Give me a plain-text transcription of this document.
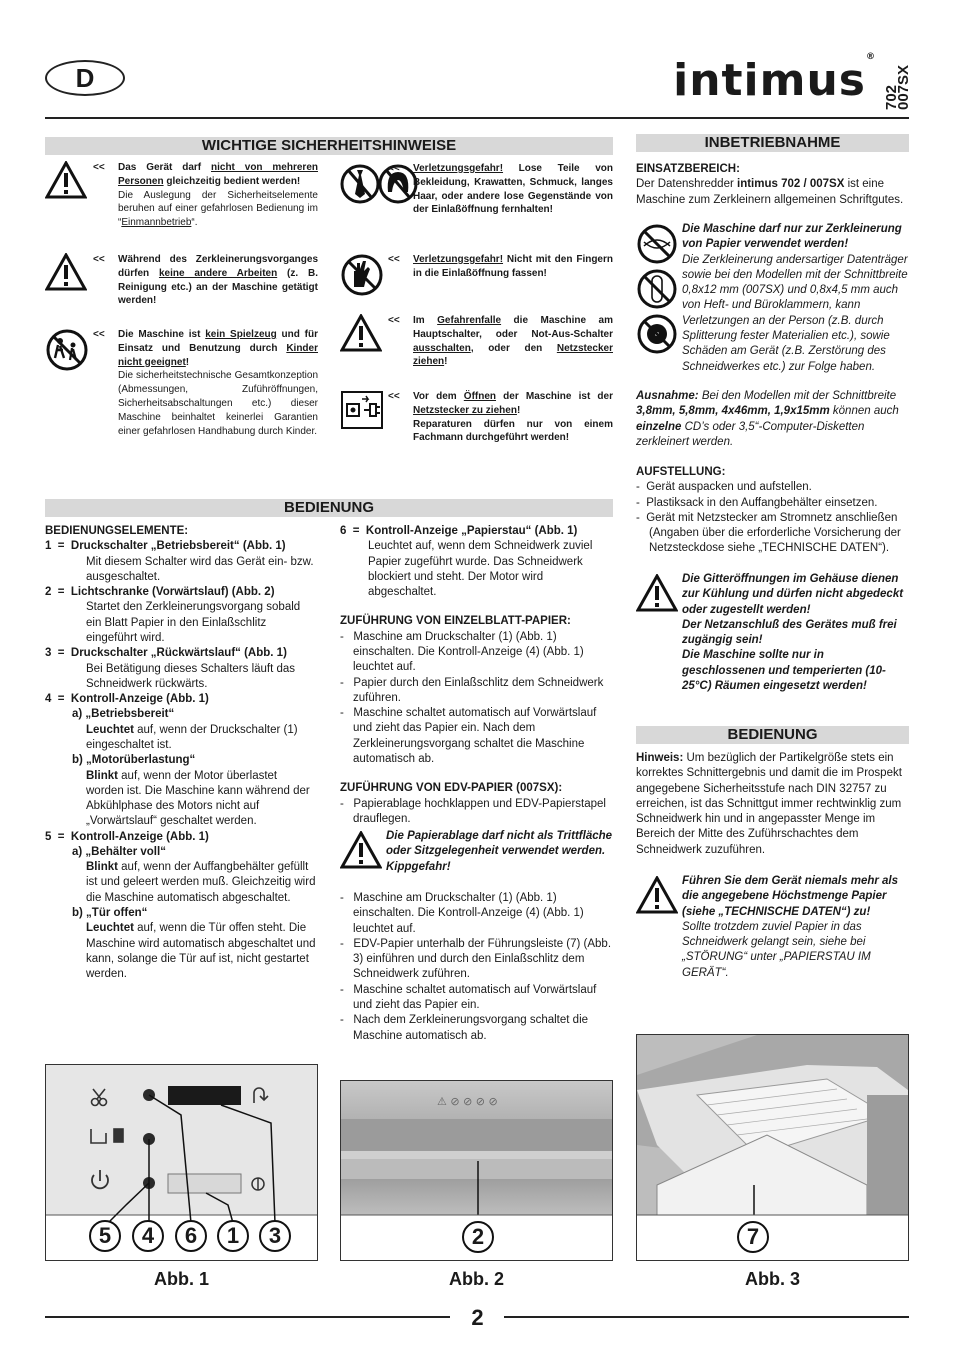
D	intimus®
702
007SX
WICHTIGE SICHERHEITSHINWEISE
<< Das Gerät darf nicht von mehreren Personen gleichzeitig bedient werden!
Die Auslegung der Sicherheitselemente beruhen auf einer gefahrlosen Bedienung im “Einmannbetrieb“.
<< Während des Zerkleinerungsvorganges dürfen keine andere Arbeiten (z. B. Reinigung etc.) an der Maschine getätigt werden!
<< Die Maschine ist kein Spielzeug und für Einsatz und Benutzung durch Kinder nicht geeignet!
Die sicherheitstechnische Gesamtkonzeption (Abmessungen, Zuführöffnungen, Sicherheitsabschaltungen etc.) dieser Maschine beinhaltet keinerlei Garantien einer gefahrlosen Handhabung durch Kinder.
<< Verletzungsgefahr! Lose Teile von Bekleidung, Krawatten, Schmuck, langes Haar, oder andere lose Gegenstände von der Einlaßöffnung fernhalten!
<< Verletzungsgefahr! Nicht mit den Fingern in die Einlaßöffnung fassen!
<< Im Gefahrenfalle die Maschine am Hauptschalter, oder Not-Aus-Schalter ausschalten, oder den Netzstecker ziehen!
<< Vor dem Öffnen der Maschine ist der Netzstecker zu ziehen!
Reparaturen dürfen nur von einem Fachmann durchgeführt werden!
INBETRIEBNAHME

EINSATZBEREICH:

Der Datenshredder intimus 702 / 007SX ist eine Maschine zum Zerkleinern allgemeinen Schriftgutes.

Die Maschine darf nur zur Zerkleinerung von Papier verwendet werden!
Die Zerkleinerung andersartiger Datenträger sowie bei den Modellen mit der Schnittbreite 0,8x12 mm (007SX) und 0,8x4,5 mm auch von Heft- und Büroklammern, kann Verletzungen an der Person (z.B. durch Splitterung fester Materialien etc.), sowie Schäden am Gerät (z.B. Zerstörung des Schneidwerkes etc.) zur Folge haben.
Ausnahme: Bei den Modellen mit der Schnittbreite 3,8mm, 5,8mm, 4x46mm, 1,9x15mm können auch einzelne CD’s oder 3,5“-Computer-Disketten zerkleinert werden.

AUFSTELLUNG:

-  Gerät auspacken und aufstellen.

-  Plastiksack in den Auffangbehälter einsetzen.

-  Gerät mit Netzstecker am Stromnetz anschließen (Angaben über die erforderliche Vorsicherung der Netzsteckdose siehe „TECHNISCHE DATEN“).

Die Gitteröffnungen im Gehäuse dienen zur Kühlung und dürfen nicht abgedeckt oder zugestellt werden!
Der Netzanschluß des Gerätes muß frei zugängig sein!
Die Maschine sollte nur in geschlossenen und temperierten (10-25°C) Räumen eingesetzt werden!
BEDIENUNG
Hinweis: Um bezüglich der Partikelgröße stets ein korrektes Schnittergebnis und damit die im Prospekt angegebene Sicherheitsstufe nach DIN 32757 zu erreichen, ist das Schnittgut immer rechtwinklig zum Schneidwerk hin und in angepasster Menge im Bereich der Mitte des Zuführschachtes dem Schneidwerk zuzuführen.
Führen Sie dem Gerät niemals mehr als die angegebene Höchstmenge Papier (siehe „TECHNISCHE DATEN“) zu!
Sollte trotzdem zuviel Papier in das Schneidwerk gelangt sein, siehe bei „STÖRUNG“ unter „PAPIERSTAU IM GERÄT“.
BEDIENUNG

BEDIENUNGSELEMENTE:

1  =  Druckschalter „Betriebsbereit“ (Abb. 1)

Mit diesem Schalter wird das Gerät ein- bzw. ausgeschaltet.

2  =  Lichtschranke (Vorwärtslauf) (Abb. 2)

Startet den Zerkleinerungsvorgang sobald ein Blatt Papier in den Einlaßschlitz eingeführt wird.

3  =  Druckschalter „Rückwärtslauf“ (Abb. 1)

Bei Betätigung dieses Schalters läuft das Schneidwerk rückwärts.

4  =  Kontroll-Anzeige (Abb. 1)

a) „Betriebsbereit“

Leuchtet auf, wenn der Druckschalter (1) eingeschaltet ist.

b) „Motorüberlastung“

Blinkt auf, wenn der Motor überlastet worden ist. Die Maschine kann während der Abkühlphase des Motors nicht auf „Vorwärtslauf“ geschaltet werden.

5  =  Kontroll-Anzeige (Abb. 1)

a) „Behälter voll“

Blinkt auf, wenn der Auffangbehälter gefüllt ist und geleert werden muß. Gleichzeitig wird die Maschine automatisch abgeschaltet.

b) „Tür offen“

Leuchtet auf, wenn die Tür offen steht. Die Maschine wird automatisch abgeschaltet und kann, solange die Tür auf ist, nicht gestartet werden.

6  =  Kontroll-Anzeige „Papierstau“ (Abb. 1)

Leuchtet auf, wenn dem Schneidwerk zuviel Papier zugeführt wurde. Das Schneidwerk blockiert und steht. Der Motor wird abgeschaltet.

ZUFÜHRUNG VON EINZELBLATT-PAPIER:

-   Maschine am Druckschalter (1) (Abb. 1) einschalten. Die Kontroll-Anzeige (4) (Abb. 1) leuchtet auf.

-   Papier durch den Einlaßschlitz dem Schneidwerk zuführen.

-   Maschine schaltet automatisch auf Vorwärtslauf und zieht das Papier ein. Nach dem Zerkleinerungsvorgang schaltet die Maschine automatisch ab.

ZUFÜHRUNG VON EDV-PAPIER (007SX):

-   Papierablage hochklappen und EDV-Papierstapel drauflegen.

Die Papierablage darf nicht als Trittfläche oder Sitzgelegenheit verwendet werden. Kippgefahr!

-   Maschine am Druckschalter (1) (Abb. 1) einschalten. Die Kontroll-Anzeige (4) (Abb. 1) leuchtet auf.

-   EDV-Papier unterhalb der Führungsleiste (7) (Abb. 3) einführen und durch den Einlaßschlitz dem Schneidwerk zuführen.

-   Maschine schaltet automatisch auf Vorwärtslauf und zieht das Papier ein.

-   Nach dem Zerkleinerungsvorgang schaltet die Maschine automatisch ab.

5	4	6	1	3
Abb. 1
⚠ ⊘ ⊘ ⊘ ⊘
2
Abb. 2
7
Abb. 3
2
